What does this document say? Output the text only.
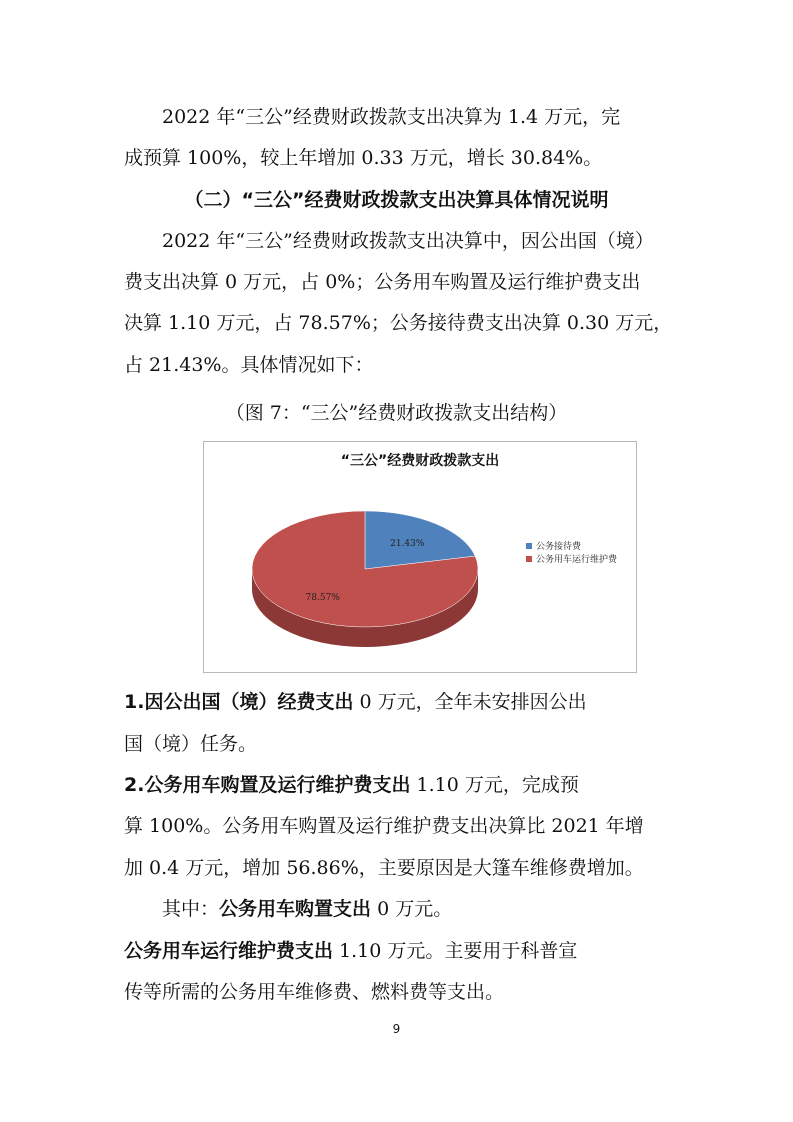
2022 年“三公”经费财政拨款支出决算为 1.4 万元，完
成预算 100%，较上年增加 0.33 万元，增长 30.84%。
（二）“三公”经费财政拨款支出决算具体情况说明
2022 年“三公”经费财政拨款支出决算中，因公出国（境）
费支出决算 0 万元，占 0%；公务用车购置及运行维护费支出
决算 1.10 万元，占 78.57%；公务接待费支出决算 0.30 万元，
占 21.43%。具体情况如下：
（图 7：“三公”经费财政拨款支出结构）
“三公”经费财政拨款支出
21.43%
78.57%
公务接待费
公务用车运行维护费
1.因公出国（境）经费支出 0 万元，全年未安排因公出
国（境）任务。
2.公务用车购置及运行维护费支出 1.10 万元，完成预
算 100%。公务用车购置及运行维护费支出决算比 2021 年增
加 0.4 万元，增加 56.86%，主要原因是大篷车维修费增加。
其中：公务用车购置支出 0 万元。
公务用车运行维护费支出 1.10 万元。主要用于科普宣
传等所需的公务用车维修费、燃料费等支出。
9
